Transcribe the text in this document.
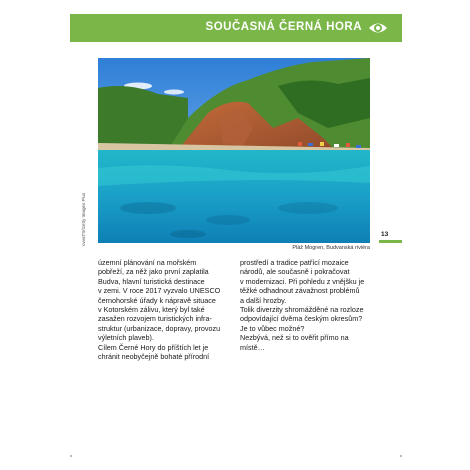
SOUČASNÁ ČERNÁ HORA
ovvaTS/Getty Images Plus
Pláž Mogren, Budvanská riviéra
13

územní plánování na mořském

pobřeží, za něž jako první zaplatila

Budva, hlavní turistická destinace

v zemi. V roce 2017 vyzvalo UNESCO

černohorské úřady k nápravě situace

v Kotorském zálivu, který byl také

zasažen rozvojem turistických infra-

struktur (urbanizace, dopravy, provozu

výletních plaveb).

Cílem Černé Hory do příštích let je

chránit neobyčejně bohaté přírodní

prostředí a tradice patřící mozaice

národů, ale současně i pokračovat

v modernizaci. Při pohledu z vnějšku je

těžké odhadnout závažnost problémů

a další hrozby.

Tolik diverzity shromážděné na rozloze

odpovídající dvěma českým okresům?

Je to vůbec možné?

Nezbývá, než si to ověřit přímo na

místě…
